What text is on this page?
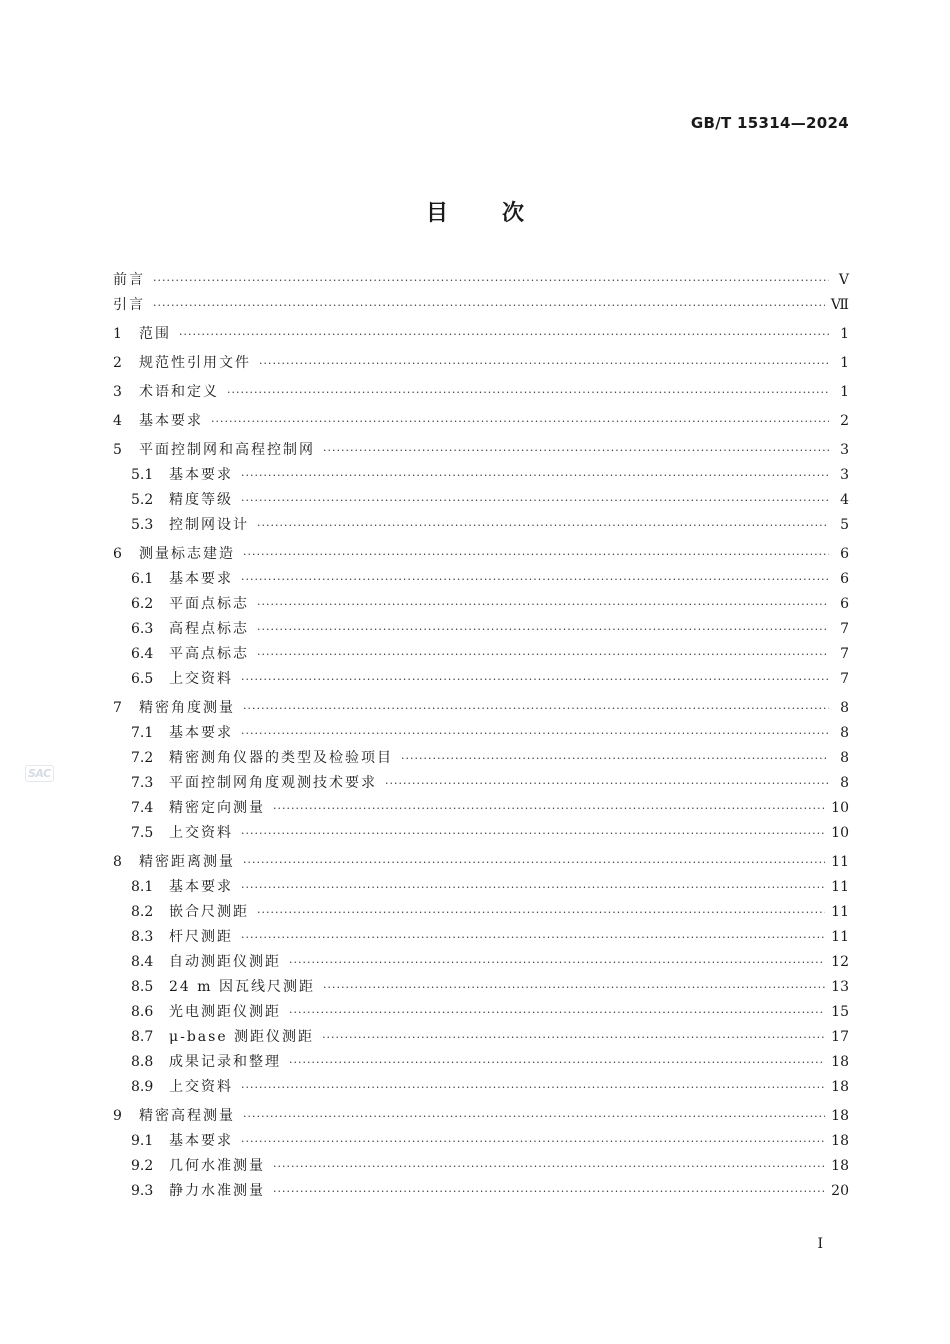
GB/T 15314—2024
目 次
SAC
前言 ·····	Ⅴ
引言 ·····	Ⅶ
1	范围 ·····	1
2	规范性引用文件 ·····	1
3	术语和定义 ·····	1
4	基本要求 ·····	2
5	平面控制网和高程控制网 ·····	3
5.1	基本要求 ·····	3
5.2	精度等级 ·····	4
5.3	控制网设计 ·····	5
6	测量标志建造 ·····	6
6.1	基本要求 ·····	6
6.2	平面点标志 ·····	6
6.3	高程点标志 ·····	7
6.4	平高点标志 ·····	7
6.5	上交资料 ·····	7
7	精密角度测量 ·····	8
7.1	基本要求 ·····	8
7.2	精密测角仪器的类型及检验项目 ·····	8
7.3	平面控制网角度观测技术要求 ·····	8
7.4	精密定向测量 ·····	10
7.5	上交资料 ·····	10
8	精密距离测量 ·····	11
8.1	基本要求 ·····	11
8.2	嵌合尺测距 ·····	11
8.3	杆尺测距 ·····	11
8.4	自动测距仪测距 ·····	12
8.5	24 m 因瓦线尺测距 ·····	13
8.6	光电测距仪测距 ·····	15
8.7	μ-base 测距仪测距 ·····	17
8.8	成果记录和整理 ·····	18
8.9	上交资料 ·····	18
9	精密高程测量 ·····	18
9.1	基本要求 ·····	18
9.2	几何水准测量 ·····	18
9.3	静力水准测量 ·····	20
I
